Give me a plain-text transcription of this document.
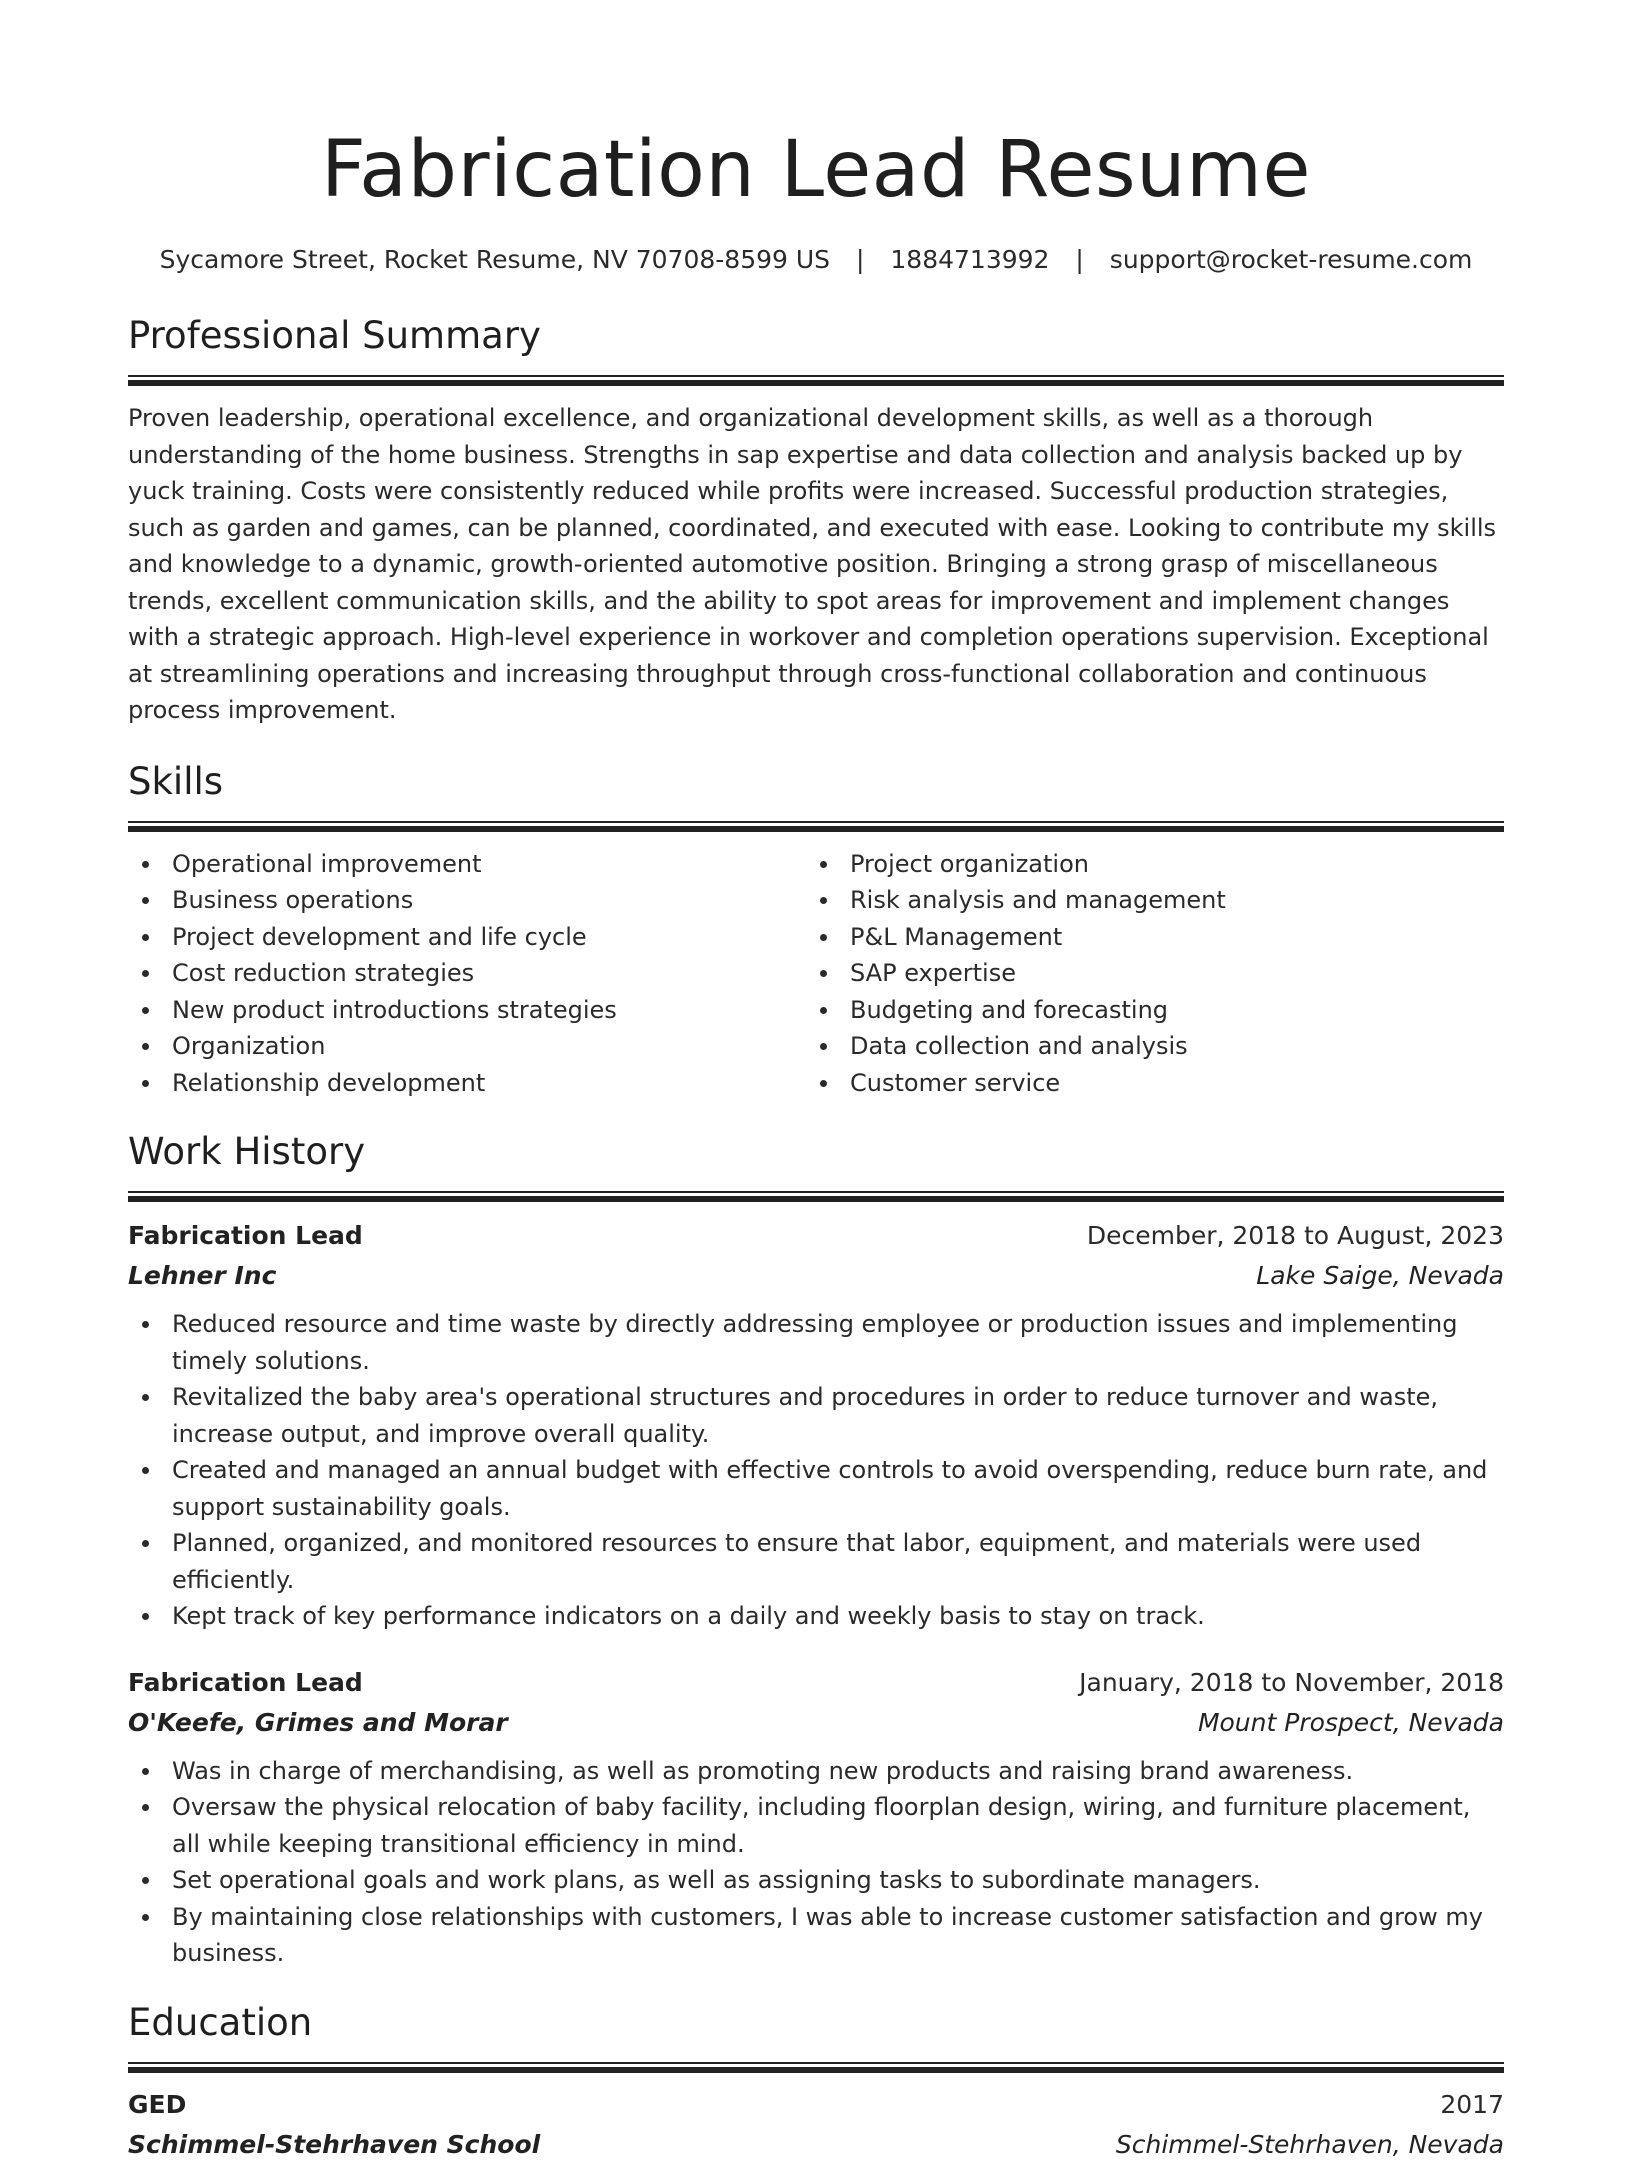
Fabrication Lead Resume
Sycamore Street, Rocket Resume, NV 70708-8599 US | 1884713992 | support@rocket-resume.com
Professional Summary

Proven leadership, operational excellence, and organizational development skills, as well as a thorough understanding of the home business. Strengths in sap expertise and data collection and analysis backed up by yuck training. Costs were consistently reduced while profits were increased. Successful production strategies, such as garden and games, can be planned, coordinated, and executed with ease. Looking to contribute my skills and knowledge to a dynamic, growth-oriented automotive position. Bringing a strong grasp of miscellaneous trends, excellent communication skills, and the ability to spot areas for improvement and implement changes with a strategic approach. High-level experience in workover and completion operations supervision. Exceptional at streamlining operations and increasing throughput through cross-functional collaboration and continuous process improvement.

Skills
Operational improvement
Business operations
Project development and life cycle
Cost reduction strategies
New product introductions strategies
Organization
Relationship development
Project organization
Risk analysis and management
P&L Management
SAP expertise
Budgeting and forecasting
Data collection and analysis
Customer service
Work History
Fabrication Lead	December, 2018 to August, 2023
Lehner Inc	Lake Saige, Nevada
Reduced resource and time waste by directly addressing employee or production issues and implementing timely solutions.
Revitalized the baby area's operational structures and procedures in order to reduce turnover and waste, increase output, and improve overall quality.
Created and managed an annual budget with effective controls to avoid overspending, reduce burn rate, and support sustainability goals.
Planned, organized, and monitored resources to ensure that labor, equipment, and materials were used efficiently.
Kept track of key performance indicators on a daily and weekly basis to stay on track.
Fabrication Lead	January, 2018 to November, 2018
O'Keefe, Grimes and Morar	Mount Prospect, Nevada
Was in charge of merchandising, as well as promoting new products and raising brand awareness.
Oversaw the physical relocation of baby facility, including floorplan design, wiring, and furniture placement, all while keeping transitional efficiency in mind.
Set operational goals and work plans, as well as assigning tasks to subordinate managers.
By maintaining close relationships with customers, I was able to increase customer satisfaction and grow my business.
Education
GED	2017
Schimmel-Stehrhaven School	Schimmel-Stehrhaven, Nevada
